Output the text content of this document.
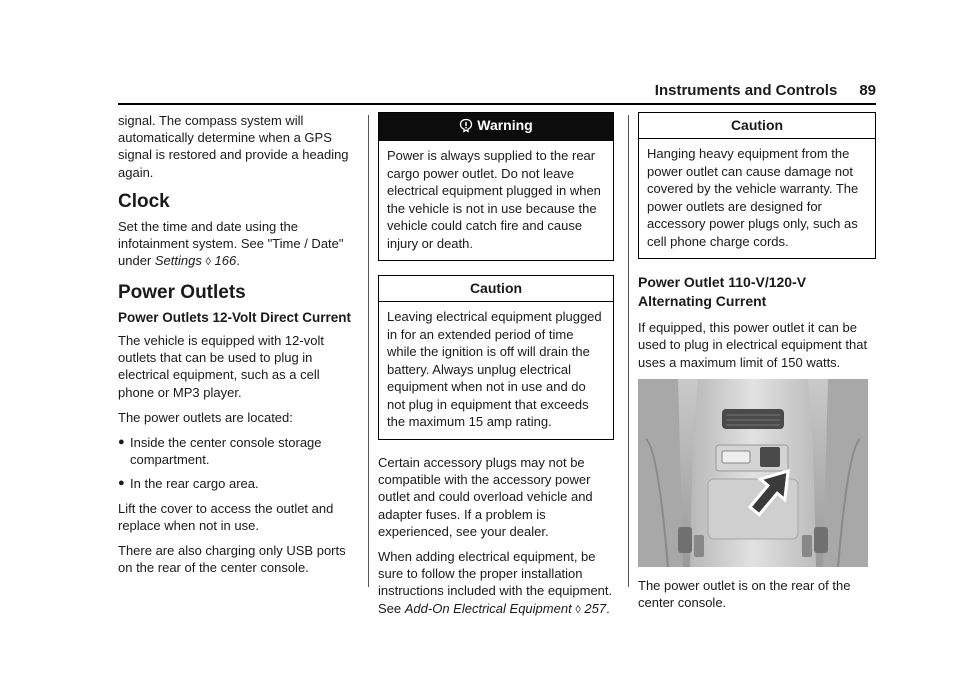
Instruments and Controls 89

signal. The compass system will automatically determine when a GPS signal is restored and provide a heading again.

Clock

Set the time and date using the infotainment system. See "Time / Date" under Settings ◊ 166.

Power Outlets
Power Outlets 12-Volt Direct Current

The vehicle is equipped with 12-volt outlets that can be used to plug in electrical equipment, such as a cell phone or MP3 player.

The power outlets are located:

● Inside the center console storage compartment.
● In the rear cargo area.

Lift the cover to access the outlet and replace when not in use.

There are also charging only USB ports on the rear of the center console.

Warning
Power is always supplied to the rear cargo power outlet. Do not leave electrical equipment plugged in when the vehicle is not in use because the vehicle could catch fire and cause injury or death.
Caution
Leaving electrical equipment plugged in for an extended period of time while the ignition is off will drain the battery. Always unplug electrical equipment when not in use and do not plug in equipment that exceeds the maximum 15 amp rating.

Certain accessory plugs may not be compatible with the accessory power outlet and could overload vehicle and adapter fuses. If a problem is experienced, see your dealer.

When adding electrical equipment, be sure to follow the proper installation instructions included with the equipment. See Add-On Electrical Equipment ◊ 257.

Caution
Hanging heavy equipment from the power outlet can cause damage not covered by the vehicle warranty. The power outlets are designed for accessory power plugs only, such as cell phone charge cords.
Power Outlet 110-V/120-V Alternating Current

If equipped, this power outlet it can be used to plug in electrical equipment that uses a maximum limit of 150 watts.

The power outlet is on the rear of the center console.
